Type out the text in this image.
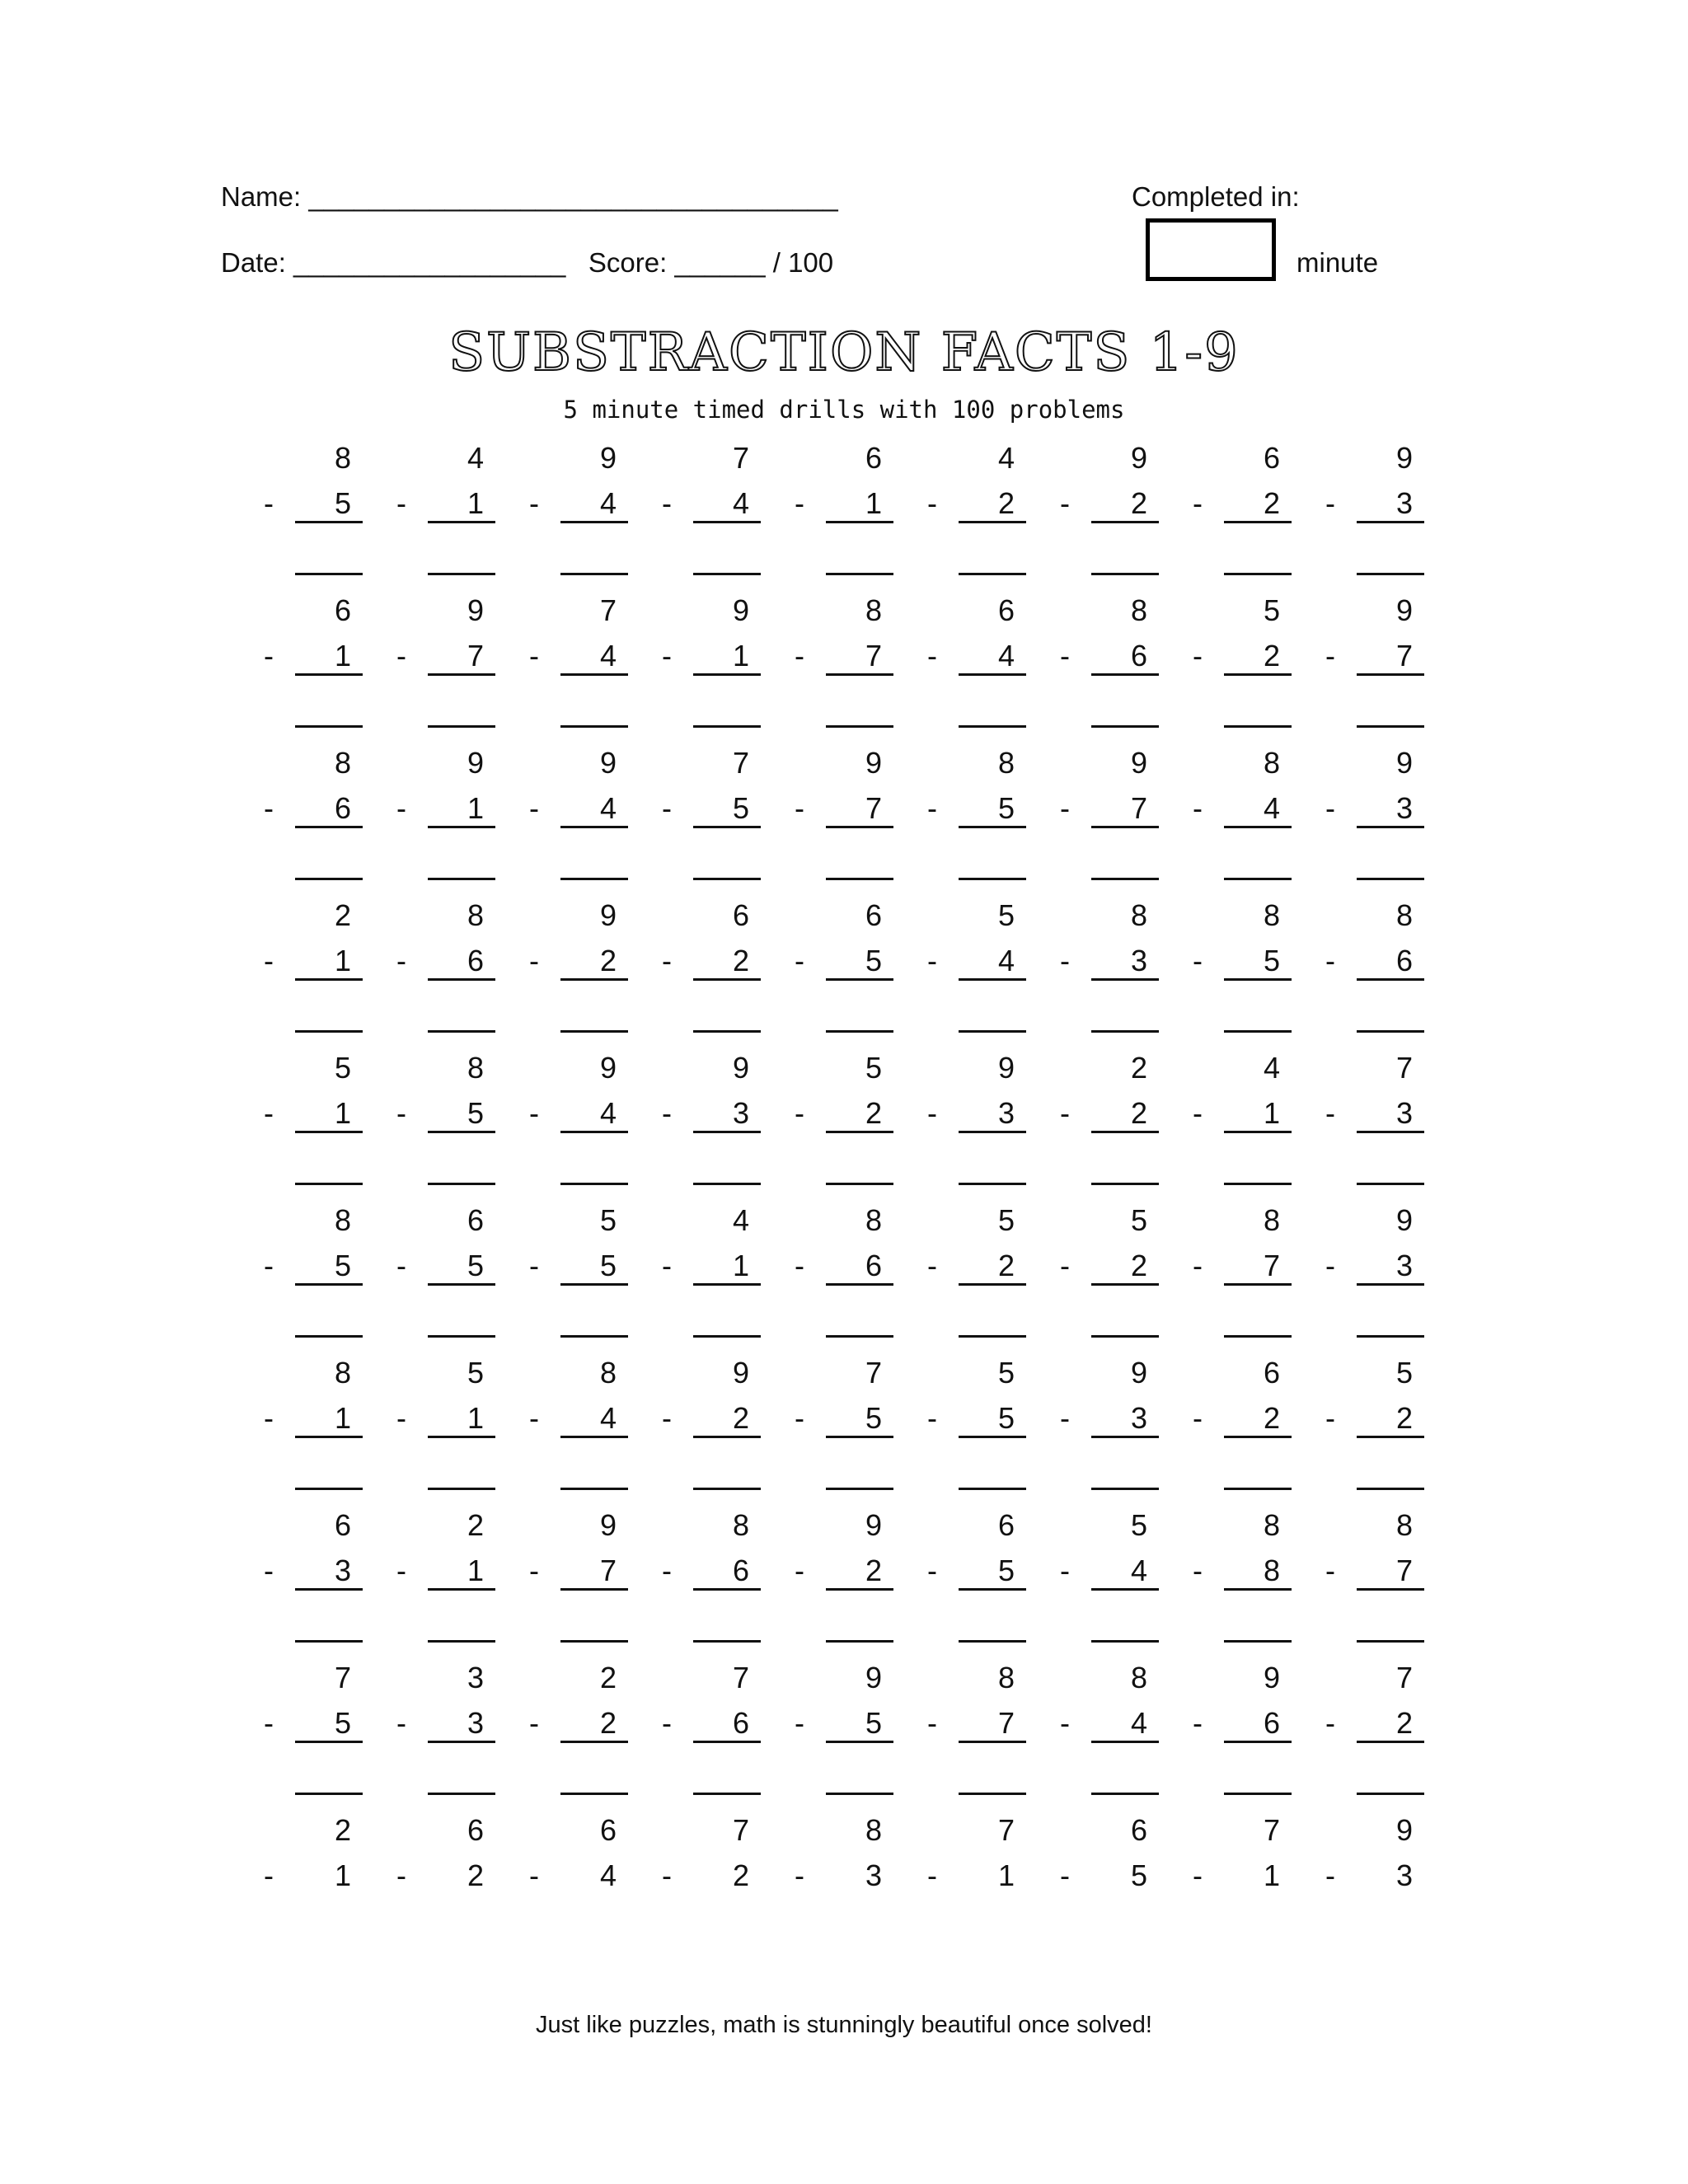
Name: ___________________________________
Date: __________________   Score: ______ / 100
Completed in:
minute
SUBSTRACTION FACTS 1-9
5 minute timed drills with 100 problems
8
- 5
4
- 1
9
- 4
7
- 4
6
- 1
4
- 2
9
- 2
6
- 2
9
- 3
6
- 1
9
- 7
7
- 4
9
- 1
8
- 7
6
- 4
8
- 6
5
- 2
9
- 7
8
- 6
9
- 1
9
- 4
7
- 5
9
- 7
8
- 5
9
- 7
8
- 4
9
- 3
2
- 1
8
- 6
9
- 2
6
- 2
6
- 5
5
- 4
8
- 3
8
- 5
8
- 6
5
- 1
8
- 5
9
- 4
9
- 3
5
- 2
9
- 3
2
- 2
4
- 1
7
- 3
8
- 5
6
- 5
5
- 5
4
- 1
8
- 6
5
- 2
5
- 2
8
- 7
9
- 3
8
- 1
5
- 1
8
- 4
9
- 2
7
- 5
5
- 5
9
- 3
6
- 2
5
- 2
6
- 3
2
- 1
9
- 7
8
- 6
9
- 2
6
- 5
5
- 4
8
- 8
8
- 7
7
- 5
3
- 3
2
- 2
7
- 6
9
- 5
8
- 7
8
- 4
9
- 6
7
- 2
2
- 1
6
- 2
6
- 4
7
- 2
8
- 3
7
- 1
6
- 5
7
- 1
9
- 3
Just like puzzles, math is stunningly beautiful once solved!
